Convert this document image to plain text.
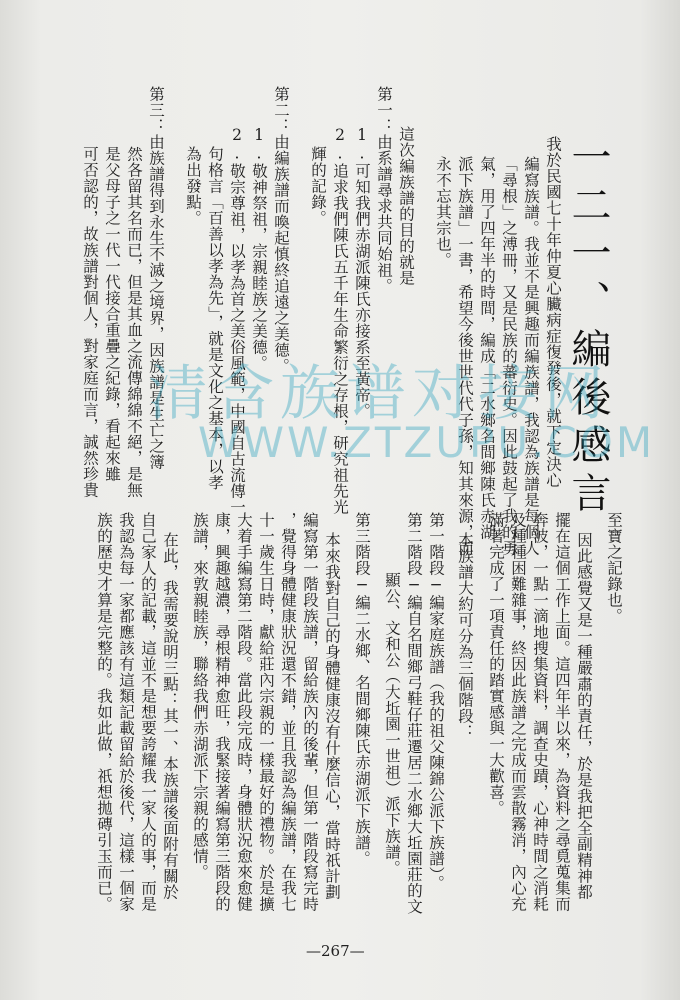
一二一、編後感言
我於民國七十年仲夏心臟病症復發後，就下定決心
編寫族譜。我並不是興趣而編族譜，我認為族譜是每個人
「尋根」之溥冊，又是民族的蕃衍史。因此鼓起了我的勇
氣，用了四年半的時間，編成「二水鄉名間鄉陳氏赤湖
派下族譜」一書，希望今後世世代代子孫，知其來源，而
永不忘其宗也。
這次編族譜的目的就是
第一：由系譜尋求共同始祖。
1.可知我們赤湖派陳氏亦接系至黃帝。
2.追求我們陳氏五千年生命繁衍之存根，研究祖先光
輝的記錄。
第二：由編族譜而喚起慎終追遠之美德。
1.敬神祭祖，宗親睦族之美德。
2.敬宗尊祖，以孝為首之美俗風範，中國自古流傳一
句格言「百善以孝為先」，就是文化之基本，以孝
為出發點。
第三：由族譜得到永生不滅之境界，因族譜是生亡之簿
然各留其名而已，但是其血之流傳綿綿不絕，是無
是父母子之一代一代接合重疊之紀錄，看起來雖
可否認的，故族譜對個人，對家庭而言，誠然珍貴
至寶之記錄也。
因此感覺又是一種嚴肅的責任，於是我把全副精神都
擺在這個工作上面。這四年半以來，為資料之尋覓蒐集而
奔波，一點一滴地搜集資料，調查史蹟，心神時間之消耗
及種種困難雜事，終因此族譜之完成而雲散霧消，內心充
滿著完成了一項責任的踏實感與一大歡喜。
本族譜大約可分為三個階段：
第一階段─編家庭族譜（我的祖父陳錦公派下族譜）。
第二階段─編自名間鄉弓鞋仔莊遷居二水鄉大坵園莊的文
顯公、文和公（大坵園一世祖）派下族譜。
第三階段─編二水鄉、名間鄉陳氏赤湖派下族譜。
本來我對自己的身體健康沒有什麼信心，當時祇計劃
編寫第一階段族譜，留給族內的後輩，但第一階段寫完時
，覺得身體健康狀況還不錯，並且我認為編族譜，在我七
十一歲生日時，獻給莊內宗親的一樣最好的禮物。於是擴
大着手編寫第二階段。當此段完成時，身體狀況愈來愈健
康，興趣越濃，尋根精神愈旺，我緊接著編寫第三階段的
族譜，來敦親睦族，聯絡我們赤湖派下宗親的感情。
在此，我需要說明三點：其一、本族譜後面附有關於
自己家人的記載，這並不是想要誇耀我一家人的事，而是
我認為每一家都應該有這類記載留給於後代，這樣一個家
族的歷史才算是完整的。我如此做，祇想拋磚引玉而已。
清含族谱对接网
WWW.ZTZUPU.COM
—267—
